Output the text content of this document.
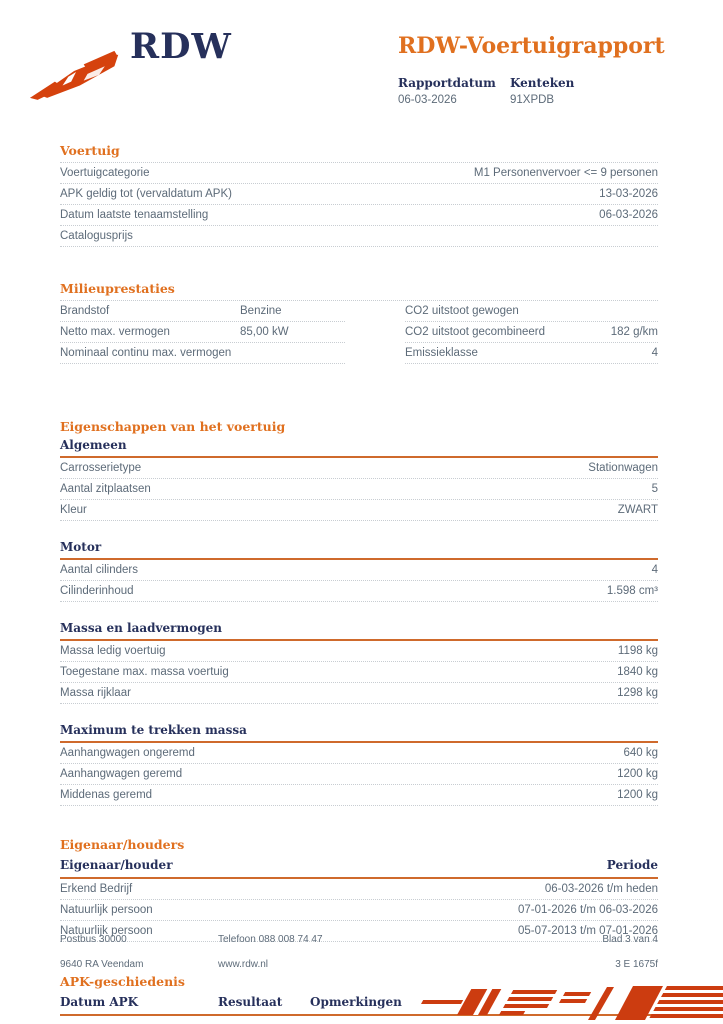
RDW	RDW-Voertuigrapport
Rapportdatum
06-03-2026
Kenteken
91XPDB
Voertuig
Voertuigcategorie	M1 Personenvervoer <= 9 personen
APK geldig tot (vervaldatum APK)	13-03-2026
Datum laatste tenaamstelling	06-03-2026
Catalogusprijs
Milieuprestaties
Brandstof	Benzine
Netto max. vermogen	85,00 kW
Nominaal continu max. vermogen
CO2 uitstoot gewogen
CO2 uitstoot gecombineerd	182 g/km
Emissieklasse	4
Eigenschappen van het voertuig
Algemeen
Carrosserietype	Stationwagen
Aantal zitplaatsen	5
Kleur	ZWART
Motor
Aantal cilinders	4
Cilinderinhoud	1.598 cm³
Massa en laadvermogen
Massa ledig voertuig	1198 kg
Toegestane max. massa voertuig	1840 kg
Massa rijklaar	1298 kg
Maximum te trekken massa
Aanhangwagen ongeremd	640 kg
Aanhangwagen geremd	1200 kg
Middenas geremd	1200 kg
Eigenaar/houders
Eigenaar/houder	Periode
Erkend Bedrijf	06-03-2026 t/m heden
Natuurlijk persoon	07-01-2026 t/m 06-03-2026
Natuurlijk persoon	05-07-2013 t/m 07-01-2026
APK-geschiedenis
Datum APK	Resultaat	Opmerkingen
Postbus 30000	Telefoon 088 008 74 47	Blad 3 van 4
9640 RA Veendam	www.rdw.nl	3 E 1675f
